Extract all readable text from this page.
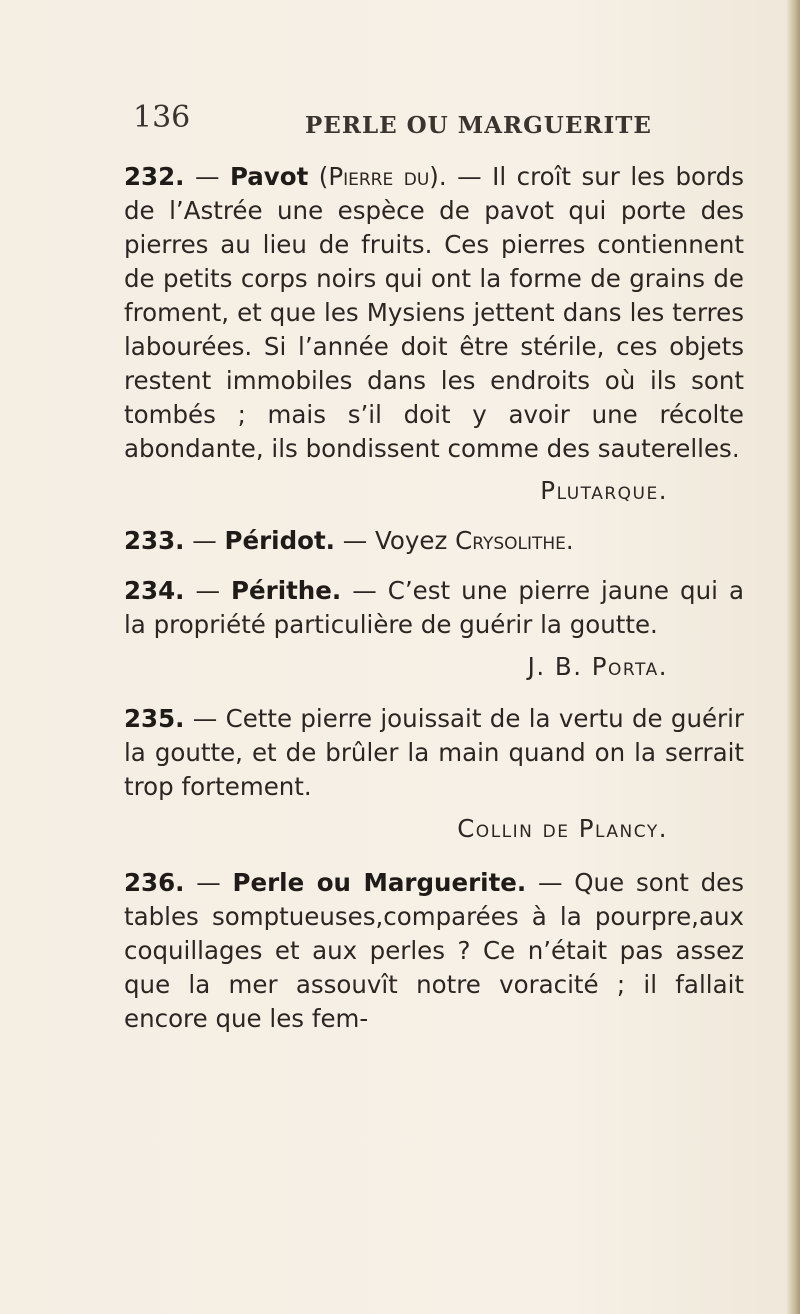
136	PERLE OU MARGUERITE

232. — Pavot (Pierre du). — Il croît sur les bords de l’Astrée une espèce de pavot qui porte des pierres au lieu de fruits. Ces pierres contiennent de petits corps noirs qui ont la forme de grains de froment, et que les Mysiens jettent dans les terres labourées. Si l’année doit être stérile, ces objets restent immobiles dans les endroits où ils sont tombés ; mais s’il doit y avoir une récolte abondante, ils bondissent comme des sauterelles.

Plutarque.

233. — Péridot. — Voyez Crysolithe.

234. — Périthe. — C’est une pierre jaune qui a la propriété particulière de guérir la goutte.

J. B. Porta.

235. — Cette pierre jouissait de la vertu de guérir la goutte, et de brûler la main quand on la serrait trop fortement.

Collin de Plancy.

236. — Perle ou Marguerite. — Que sont des tables somptueuses,comparées à la pourpre,aux coquillages et aux perles ? Ce n’était pas assez que la mer assouvît notre voracité ; il fallait encore que les fem-
